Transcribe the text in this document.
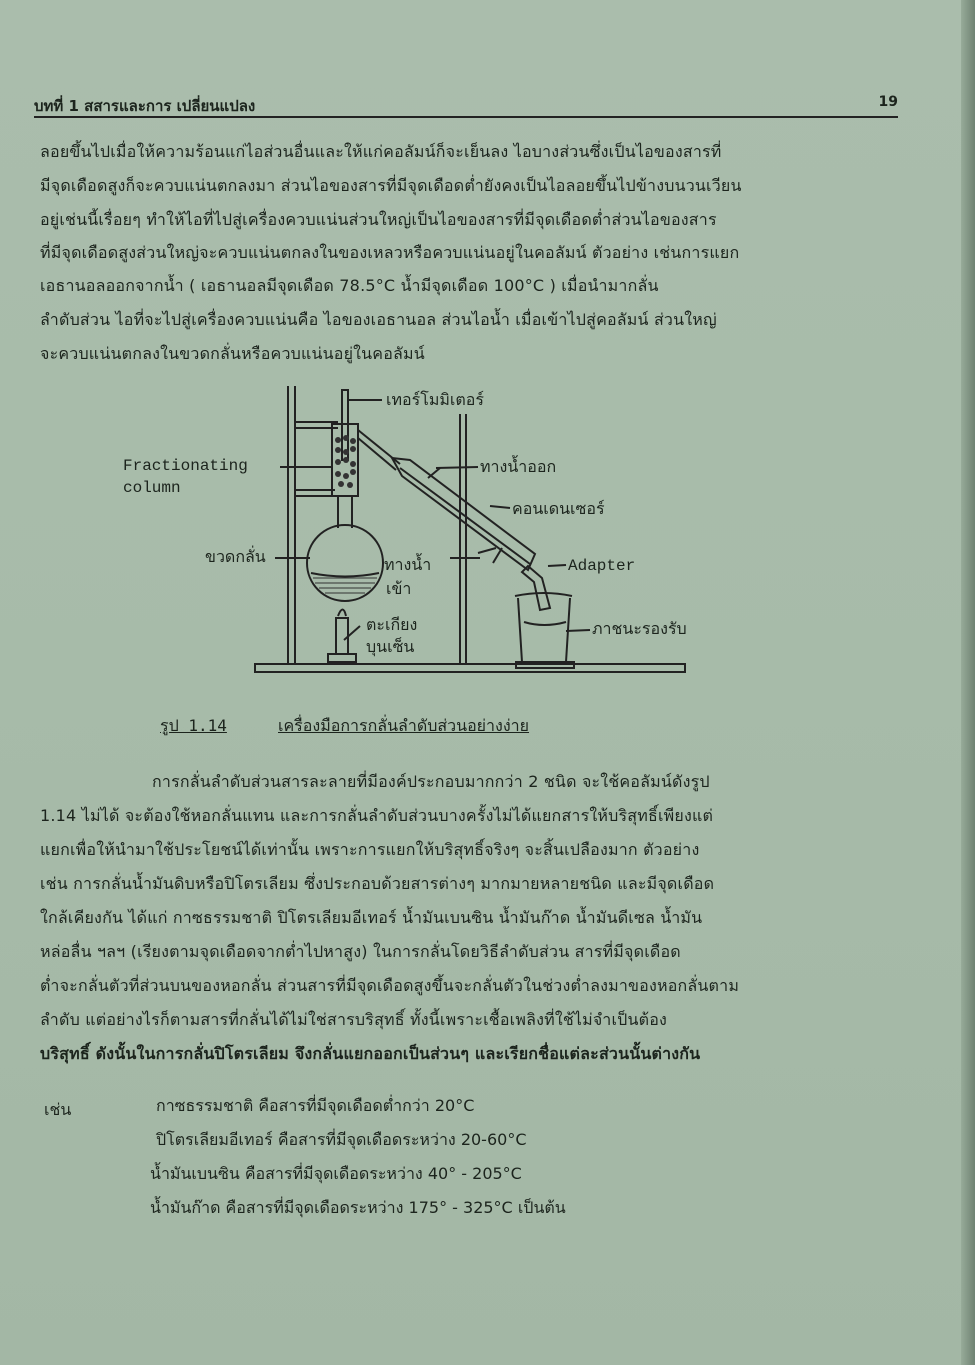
บทที่ 1 สสารและการ เปลี่ยนแปลง	19
ลอยขึ้นไปเมื่อให้ความร้อนแก่ไอส่วนอื่นและให้แก่คอลัมน์ก็จะเย็นลง ไอบางส่วนซึ่งเป็นไอของสารที่
มีจุดเดือดสูงก็จะควบแน่นตกลงมา ส่วนไอของสารที่มีจุดเดือดต่ำยังคงเป็นไอลอยขึ้นไปข้างบนวนเวียน
อยู่เช่นนี้เรื่อยๆ ทำให้ไอที่ไปสู่เครื่องควบแน่นส่วนใหญ่เป็นไอของสารที่มีจุดเดือดต่ำส่วนไอของสาร
ที่มีจุดเดือดสูงส่วนใหญ่จะควบแน่นตกลงในของเหลวหรือควบแน่นอยู่ในคอลัมน์ ตัวอย่าง เช่นการแยก
เอธานอลออกจากน้ำ ( เอธานอลมีจุดเดือด 78.5°C น้ำมีจุดเดือด 100°C ) เมื่อนำมากลั่น
ลำดับส่วน ไอที่จะไปสู่เครื่องควบแน่นคือ ไอของเอธานอล ส่วนไอน้ำ เมื่อเข้าไปสู่คอลัมน์ ส่วนใหญ่
จะควบแน่นตกลงในขวดกลั่นหรือควบแน่นอยู่ในคอลัมน์
เทอร์โมมิเตอร์
Fractionating
column
ทางน้ำออก
คอนเดนเซอร์
ขวดกลั่น	ทางน้ำ
เข้า
Adapter
ตะเกียง
บุนเซ็น
ภาชนะรองรับ
รูป 1.14	เครื่องมือการกลั่นลำดับส่วนอย่างง่าย
การกลั่นลำดับส่วนสารละลายที่มีองค์ประกอบมากกว่า 2 ชนิด จะใช้คอลัมน์ดังรูป
1.14 ไม่ได้ จะต้องใช้หอกลั่นแทน และการกลั่นลำดับส่วนบางครั้งไม่ได้แยกสารให้บริสุทธิ์เพียงแต่
แยกเพื่อให้นำมาใช้ประโยชน์ได้เท่านั้น เพราะการแยกให้บริสุทธิ์จริงๆ จะสิ้นเปลืองมาก ตัวอย่าง
เช่น การกลั่นน้ำมันดิบหรือปิโตรเลียม ซึ่งประกอบด้วยสารต่างๆ มากมายหลายชนิด และมีจุดเดือด
ใกล้เคียงกัน ได้แก่ กาซธรรมชาติ ปิโตรเลียมอีเทอร์ น้ำมันเบนซิน น้ำมันก๊าด น้ำมันดีเซล น้ำมัน
หล่อลื่น ฯลฯ (เรียงตามจุดเดือดจากต่ำไปหาสูง) ในการกลั่นโดยวิธีลำดับส่วน สารที่มีจุดเดือด
ต่ำจะกลั่นตัวที่ส่วนบนของหอกลั่น ส่วนสารที่มีจุดเดือดสูงขึ้นจะกลั่นตัวในช่วงต่ำลงมาของหอกลั่นตาม
ลำดับ แต่อย่างไรก็ตามสารที่กลั่นได้ไม่ใช่สารบริสุทธิ์ ทั้งนี้เพราะเชื้อเพลิงที่ใช้ไม่จำเป็นต้อง
บริสุทธิ์ ดังนั้นในการกลั่นปิโตรเลียม จึงกลั่นแยกออกเป็นส่วนๆ และเรียกชื่อแต่ละส่วนนั้นต่างกัน
เช่น	กาซธรรมชาติ คือสารที่มีจุดเดือดต่ำกว่า 20°C
ปิโตรเลียมอีเทอร์ คือสารที่มีจุดเดือดระหว่าง 20-60°C
น้ำมันเบนซิน คือสารที่มีจุดเดือดระหว่าง 40° - 205°C
น้ำมันก๊าด คือสารที่มีจุดเดือดระหว่าง 175° - 325°C เป็นต้น
